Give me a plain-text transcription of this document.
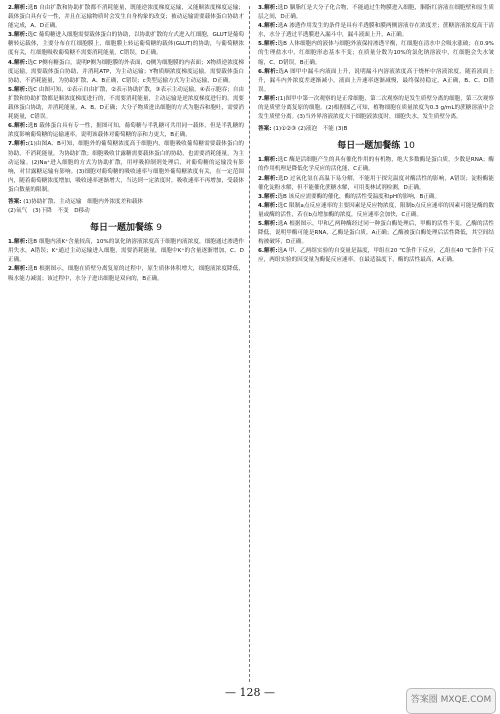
2.解析:选B 自由扩散和协助扩散都不消耗能量，既能逆浓度梯度运输，又能顺浓度梯度运输；载体蛋白具有专一性，并且在运输物质时会发生自身构象的改变；被动运输需要载体蛋白协助才能完成，A、D正确。

3.解析:选C 葡萄糖进入细胞需要载体蛋白的协助，以协助扩散的方式进入红细胞，GLUT是葡萄糖转运载体，主要分布在红细胞膜上，细胞膜上转运葡萄糖的载体(GLUT)的协助，与葡萄糖浓度有关，红细胞吸收葡萄糖不需要消耗能量，C错误，D正确。

4.解析:选C P侧有糖蛋白，说明P侧为细胞膜的外表面，Q侧为细胞膜的内表面；X物质逆浓度梯度运输，需要载体蛋白协助，并消耗ATP，为主动运输；Y物质顺浓度梯度运输，需要载体蛋白协助，不消耗能量，为协助扩散，A、B正确，C错误；c类型运输方式为主动运输，D正确。

5.解析:选C 由图可知，①表示自由扩散，②表示协助扩散，③表示主动运输，④表示胞吞；自由扩散和协助扩散都是顺浓度梯度进行的，不需要消耗能量，主动运输是逆浓度梯度进行的，需要载体蛋白协助，并消耗能量，A、B、D正确；大分子物质进出细胞的方式为胞吞和胞吐，需要消耗能量，C错误。

6.解析:选B 载体蛋白具有专一性，据图可知，葡萄糖与半乳糖可共用同一载体，但是半乳糖的浓度影响葡萄糖的运输速率，说明该载体对葡萄糖的亲和力更大，B正确。

7.解析:(1)由图A、B可知，细胞外的葡萄糖浓度高于细胞内，细胞吸收葡萄糖需要载体蛋白的协助，不消耗能量，为协助扩散；细胞吸收甘露糖需要载体蛋白的协助，也需要消耗能量，为主动运输。(2)Na⁺进入细胞的方式为协助扩散，用呼吸抑制剂处理后，对葡萄糖的运输没有影响，对甘露糖运输有影响。(3)细胞对葡萄糖的吸收速率与细胞外葡萄糖浓度有关，在一定范围内，随着葡萄糖浓度增加，吸收速率逐渐增大，当达到一定浓度时，吸收速率不再增加，受载体蛋白数量的限制。

答案: (1)协助扩散、主动运输　细胞内外浓度差和载体
(2)氧气　(3)下降　不变　D移动

每日一题加餐练 9

1.解析:选B 细胞内液K⁺含量较高，10%的氯化钠溶液浓度高于细胞内液浓度，细胞通过渗透作用失水，A错误；K⁺通过主动运输进入细胞，需要消耗能量，细胞中K⁺的含量逐渐增加，C、D正确。

2.解析:选B 根据图示，细胞在质壁分离复原的过程中，原生质体体积增大，细胞液浓度降低，吸水能力减弱；该过程中，水分子进出细胞是双向的，B正确。

3.解析:选D 胭脂红是大分子化合物，不能通过生物膜进入细胞，胭脂红溶液在细胞壁和原生质层之间，D正确。

4.解析:选A 渗透作用发生的条件是具有半透膜和膜两侧溶液存在浓度差；蔗糖溶液浓度高于清水，水分子透过半透膜进入漏斗中，漏斗液面上升，A正确。

5.解析:选B 人体细胞内的液体与细胞外液保持渗透平衡，红细胞在清水中会吸水涨破；在0.9%的生理盐水中，红细胞形态基本不变；在质量分数为10%的氯化钠溶液中，红细胞会失水皱缩，C、D错误，B正确。

6.解析:选A 图甲中漏斗内液面上升，说明漏斗内溶液浓度高于烧杯中溶液浓度，随着液面上升，漏斗内外浓度差逐渐减小，液面上升速率逐渐减慢，最终保持稳定，A正确，B、C、D错误。

7.解析:(1)图甲中第一次观察的是正常细胞，第二次观察的是发生质壁分离的细胞，第三次观察的是质壁分离复原的细胞。(2)根据图乙可知，植物细胞在质量浓度为0.3 g/mL的蔗糖溶液中会发生质壁分离。(3)当外界溶液浓度大于细胞液浓度时，细胞失水，发生质壁分离。

答案: (1)①②③ (2)液泡　不能 (3)B

每日一题加餐练 10

1.解析:选C 酶是活细胞产生的具有催化作用的有机物，绝大多数酶是蛋白质，少数是RNA；酶的作用机理是降低化学反应的活化能，C正确。

2.解析:选D 过氧化氢在高温下易分解，不能用于探究温度对酶活性的影响，A错误；淀粉酶能催化淀粉水解，但不能催化蔗糖水解，可用斐林试剂检测，D正确。

3.解析:选B 该反应需要酶的催化，酶的活性受温度和pH的影响，B正确。

4.解析:选C 限制a点反应速率的主要因素是反应物浓度，限制b点反应速率的因素可能是酶的数量或酶的活性，若在b点增加酶的浓度，反应速率会加快，C正确。

5.解析:选A 根据图示，甲和乙两种酶经过同一种蛋白酶处理后，甲酶的活性不变，乙酶的活性降低，说明甲酶可能是RNA，乙酶是蛋白质，A正确；乙酶被蛋白酶处理后活性降低，其空间结构被破坏，D正确。

6.解析:选A 甲、乙两组实验的自变量是温度，甲组在20 ℃条件下反应，乙组在40 ℃条件下反应，两组实验的因变量为酶促反应速率，在最适温度下，酶的活性最高，A正确。

— 128 —
答案圈 MXQE.COM
